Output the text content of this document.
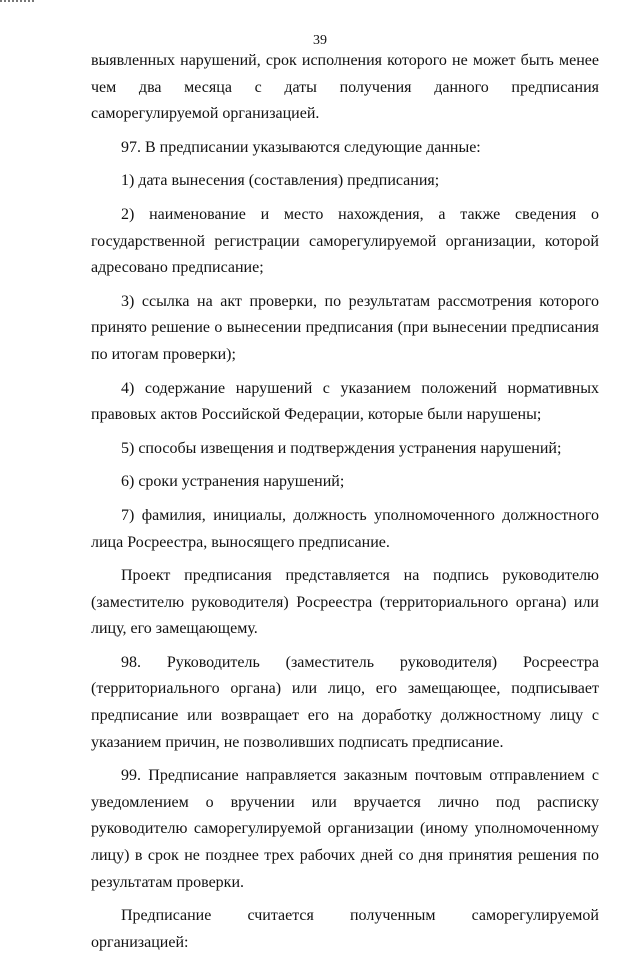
39

выявленных нарушений, срок исполнения которого не может быть менее чем два месяца с даты получения данного предписания саморегулируемой организацией.

97. В предписании указываются следующие данные:

1) дата вынесения (составления) предписания;

2) наименование и место нахождения, а также сведения о государственной регистрации саморегулируемой организации, которой адресовано предписание;

3) ссылка на акт проверки, по результатам рассмотрения которого принято решение о вынесении предписания (при вынесении предписания по итогам проверки);

4) содержание нарушений с указанием положений нормативных правовых актов Российской Федерации, которые были нарушены;

5) способы извещения и подтверждения устранения нарушений;

6) сроки устранения нарушений;

7) фамилия, инициалы, должность уполномоченного должностного лица Росреестра, выносящего предписание.

Проект предписания представляется на подпись руководителю (заместителю руководителя) Росреестра (территориального органа) или лицу, его замещающему.

98. Руководитель (заместитель руководителя) Росреестра (территориального органа) или лицо, его замещающее, подписывает предписание или возвращает его на доработку должностному лицу с указанием причин, не позволивших подписать предписание.

99. Предписание направляется заказным почтовым отправлением с уведомлением о вручении или вручается лично под расписку руководителю саморегулируемой организации (иному уполномоченному лицу) в срок не позднее трех рабочих дней со дня принятия решения по результатам проверки.

Предписание считается полученным саморегулируемой организацией:
